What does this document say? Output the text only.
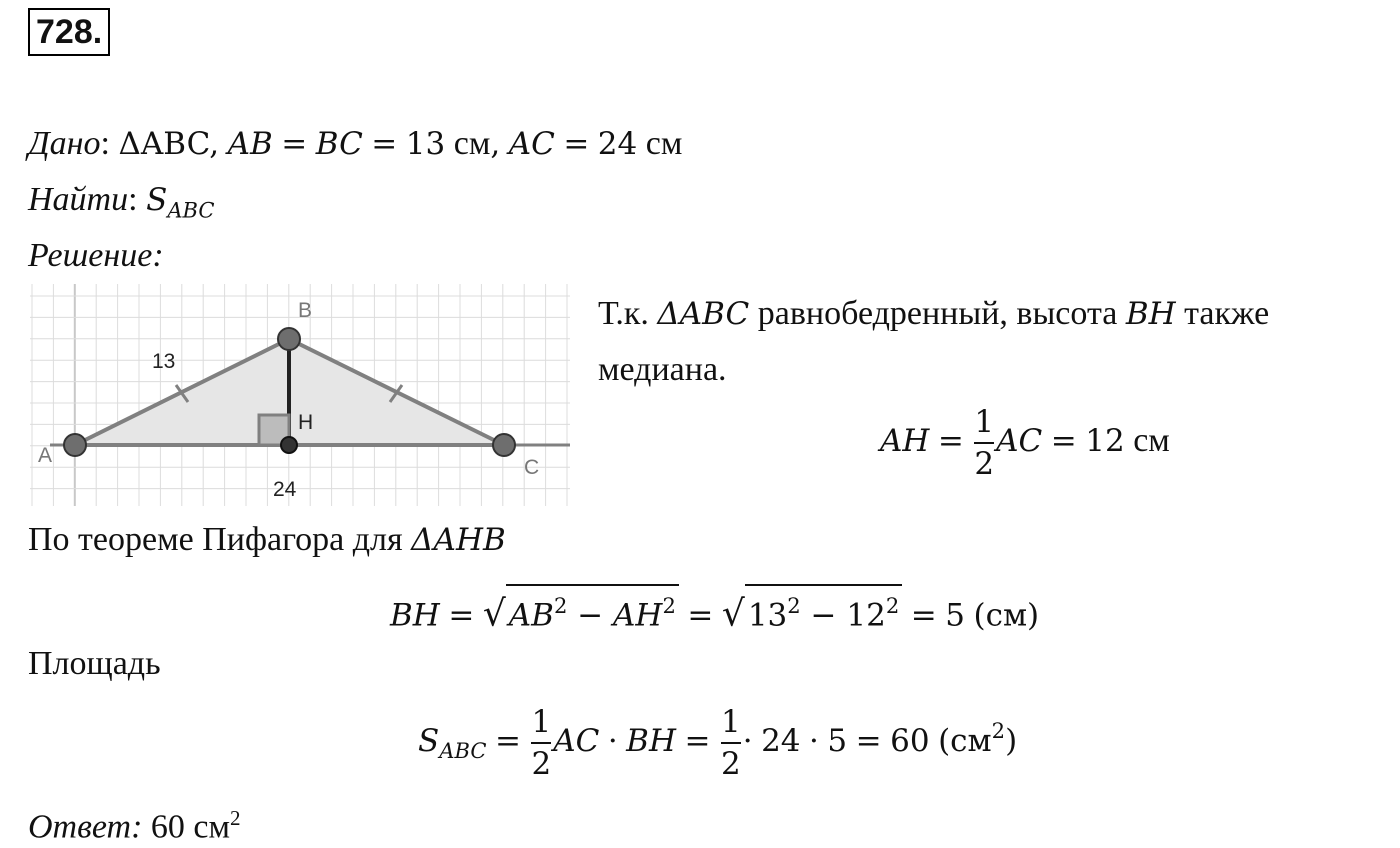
728.
Дано: ΔABC, AB = BC = 13 см, AC = 24 см
Найти: $S_{ABC}$
Решение:
A
B
C
H
13
24
Т.к. ΔABC равнобедренный, высота BH также
медиана.
AH = $\frac{1}{2}$ AC = 12 см
По теореме Пифагора для ΔAHB
BH = $√AB^2 - AH^2 = √13^2 - 12^2 = 5$ (см)
Площадь
$S_{ABC} = \frac{1}{2}$ AC · BH = $\frac{1}{2} \cdot 24 \cdot 5 = 60$ $(см^2)$
Ответ: 60 $см^2$
